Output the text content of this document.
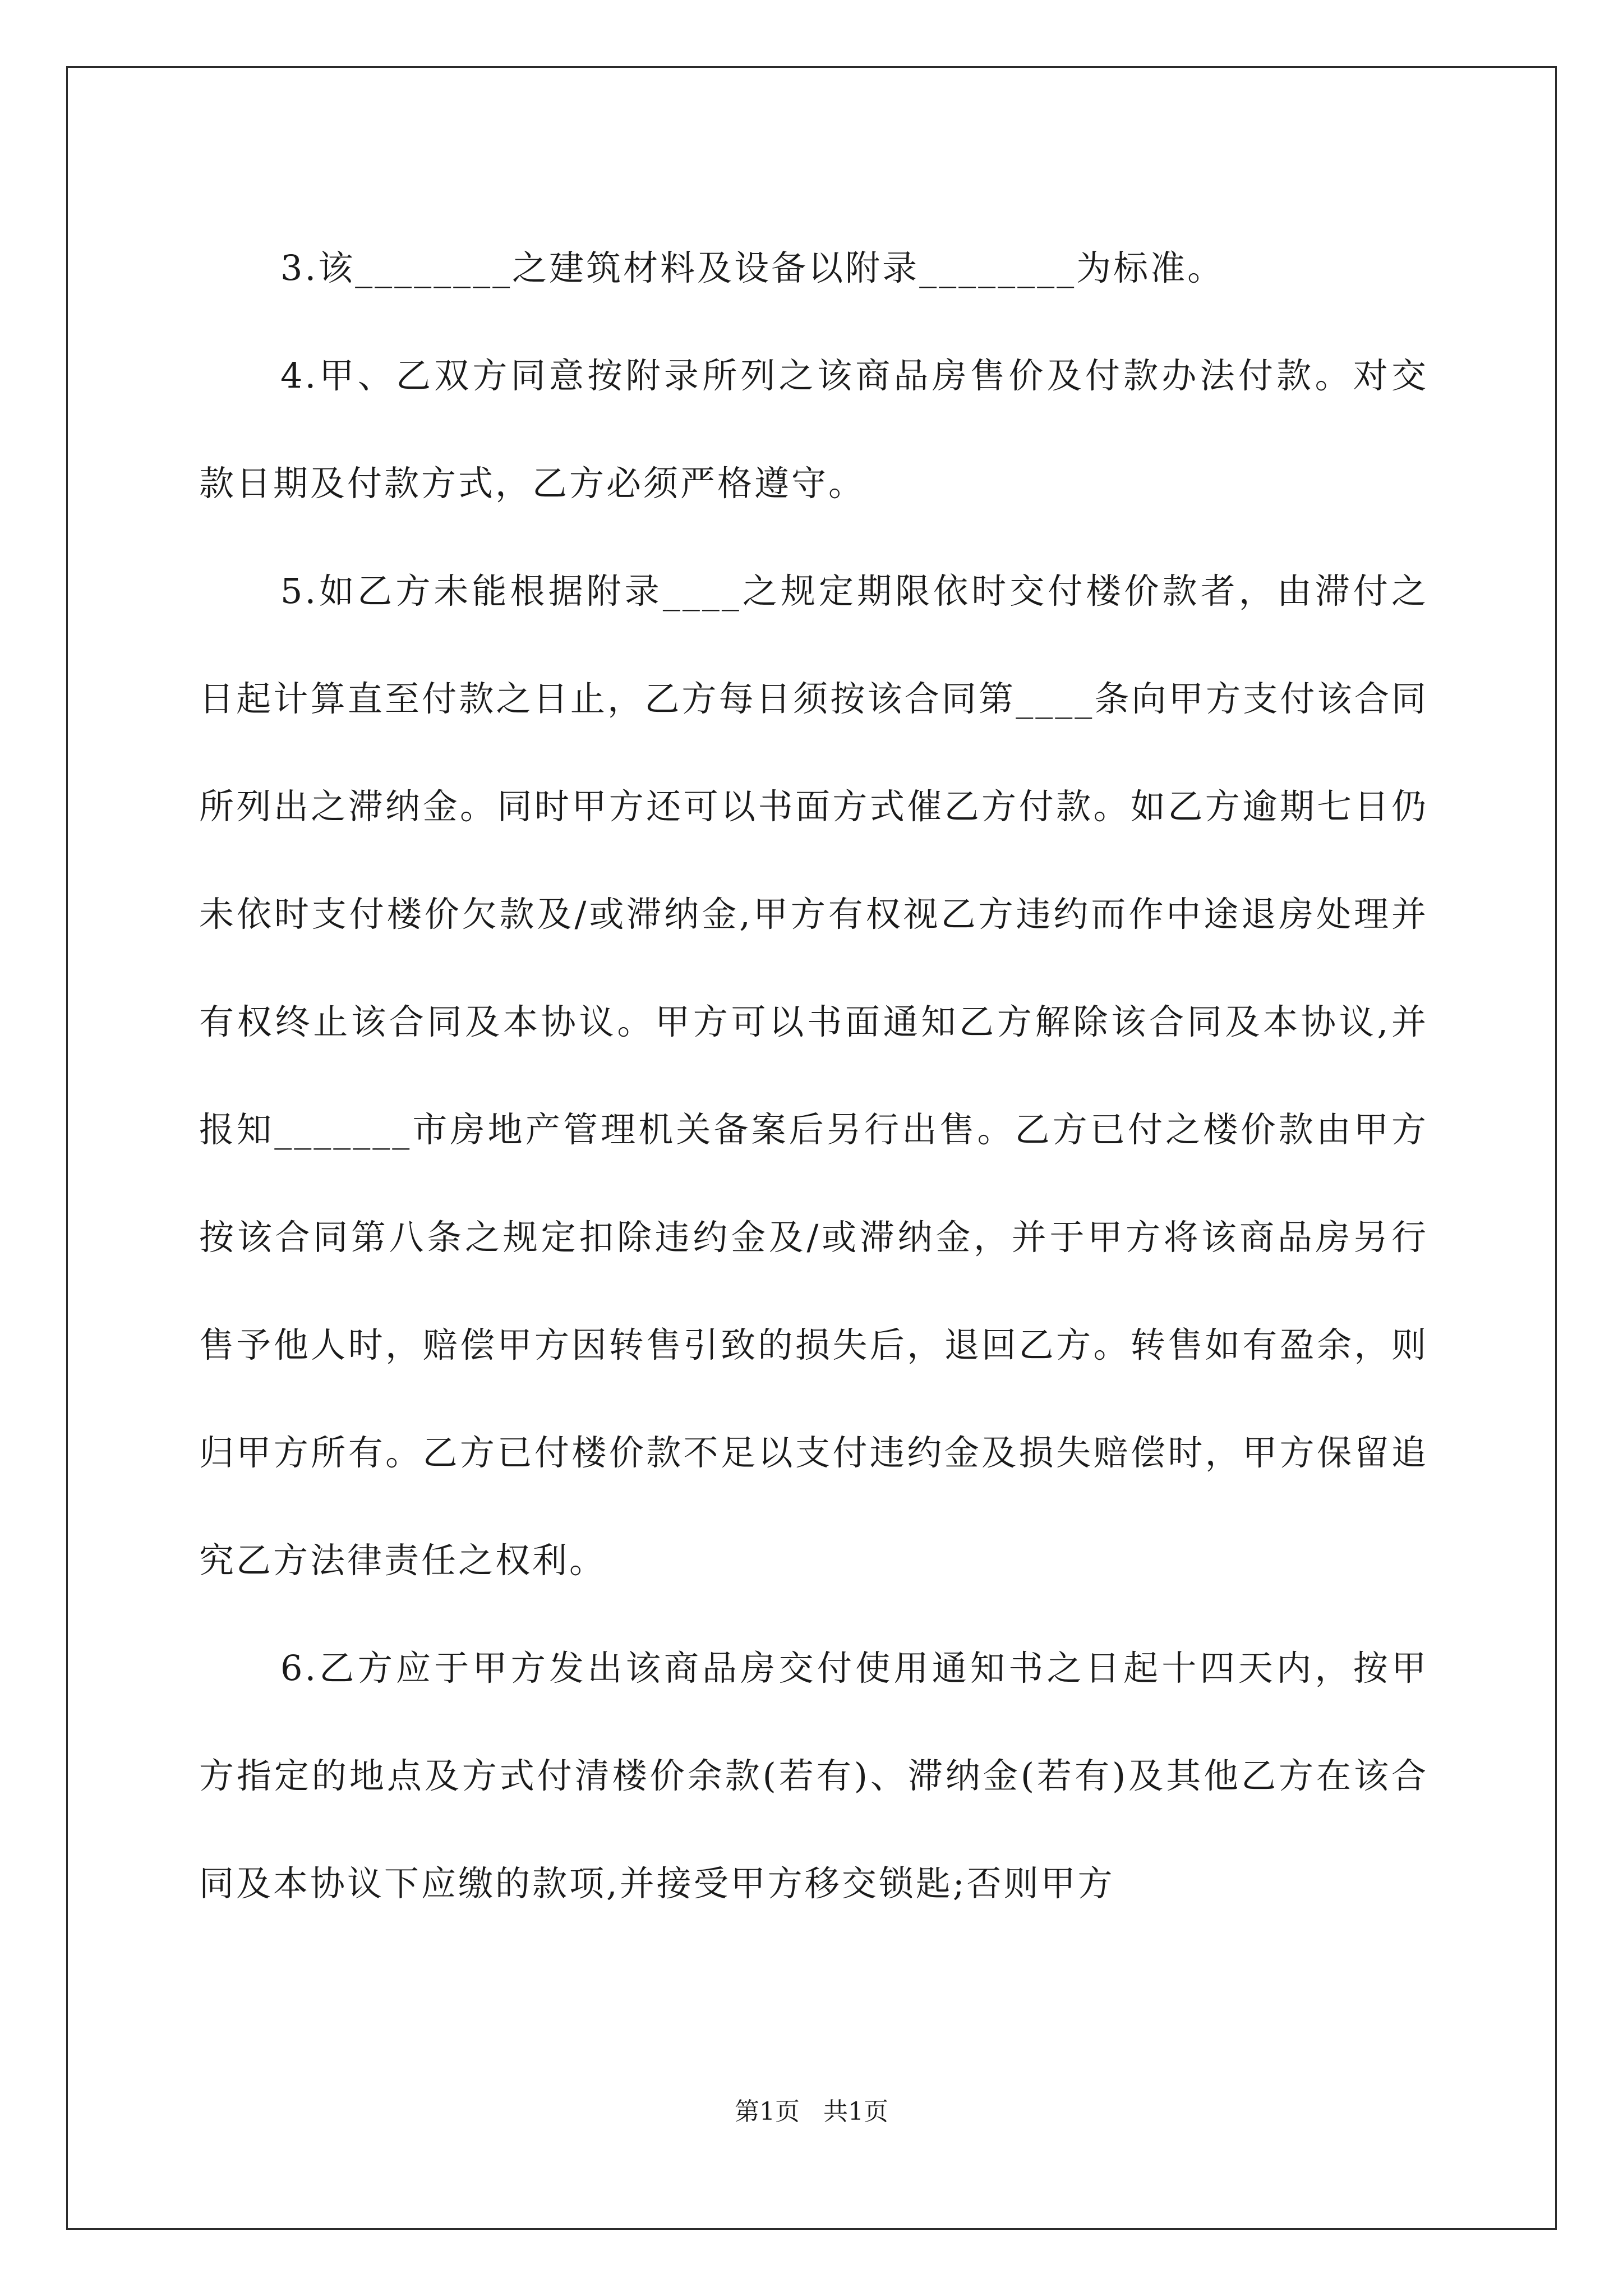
3.该________之建筑材料及设备以附录________为标准。

4.甲、乙双方同意按附录所列之该商品房售价及付款办法付款。对交款日期及付款方式，乙方必须严格遵守。

5.如乙方未能根据附录____之规定期限依时交付楼价款者，由滞付之日起计算直至付款之日止，乙方每日须按该合同第____条向甲方支付该合同所列出之滞纳金。同时甲方还可以书面方式催乙方付款。如乙方逾期七日仍未依时支付楼价欠款及/或滞纳金,甲方有权视乙方违约而作中途退房处理并有权终止该合同及本协议。甲方可以书面通知乙方解除该合同及本协议,并报知_______市房地产管理机关备案后另行出售。乙方已付之楼价款由甲方按该合同第八条之规定扣除违约金及/或滞纳金，并于甲方将该商品房另行售予他人时，赔偿甲方因转售引致的损失后，退回乙方。转售如有盈余，则归甲方所有。乙方已付楼价款不足以支付违约金及损失赔偿时，甲方保留追究乙方法律责任之权利。

6.乙方应于甲方发出该商品房交付使用通知书之日起十四天内，按甲方指定的地点及方式付清楼价余款(若有)、滞纳金(若有)及其他乙方在该合同及本协议下应缴的款项,并接受甲方移交锁匙;否则甲方

第1页 共1页
